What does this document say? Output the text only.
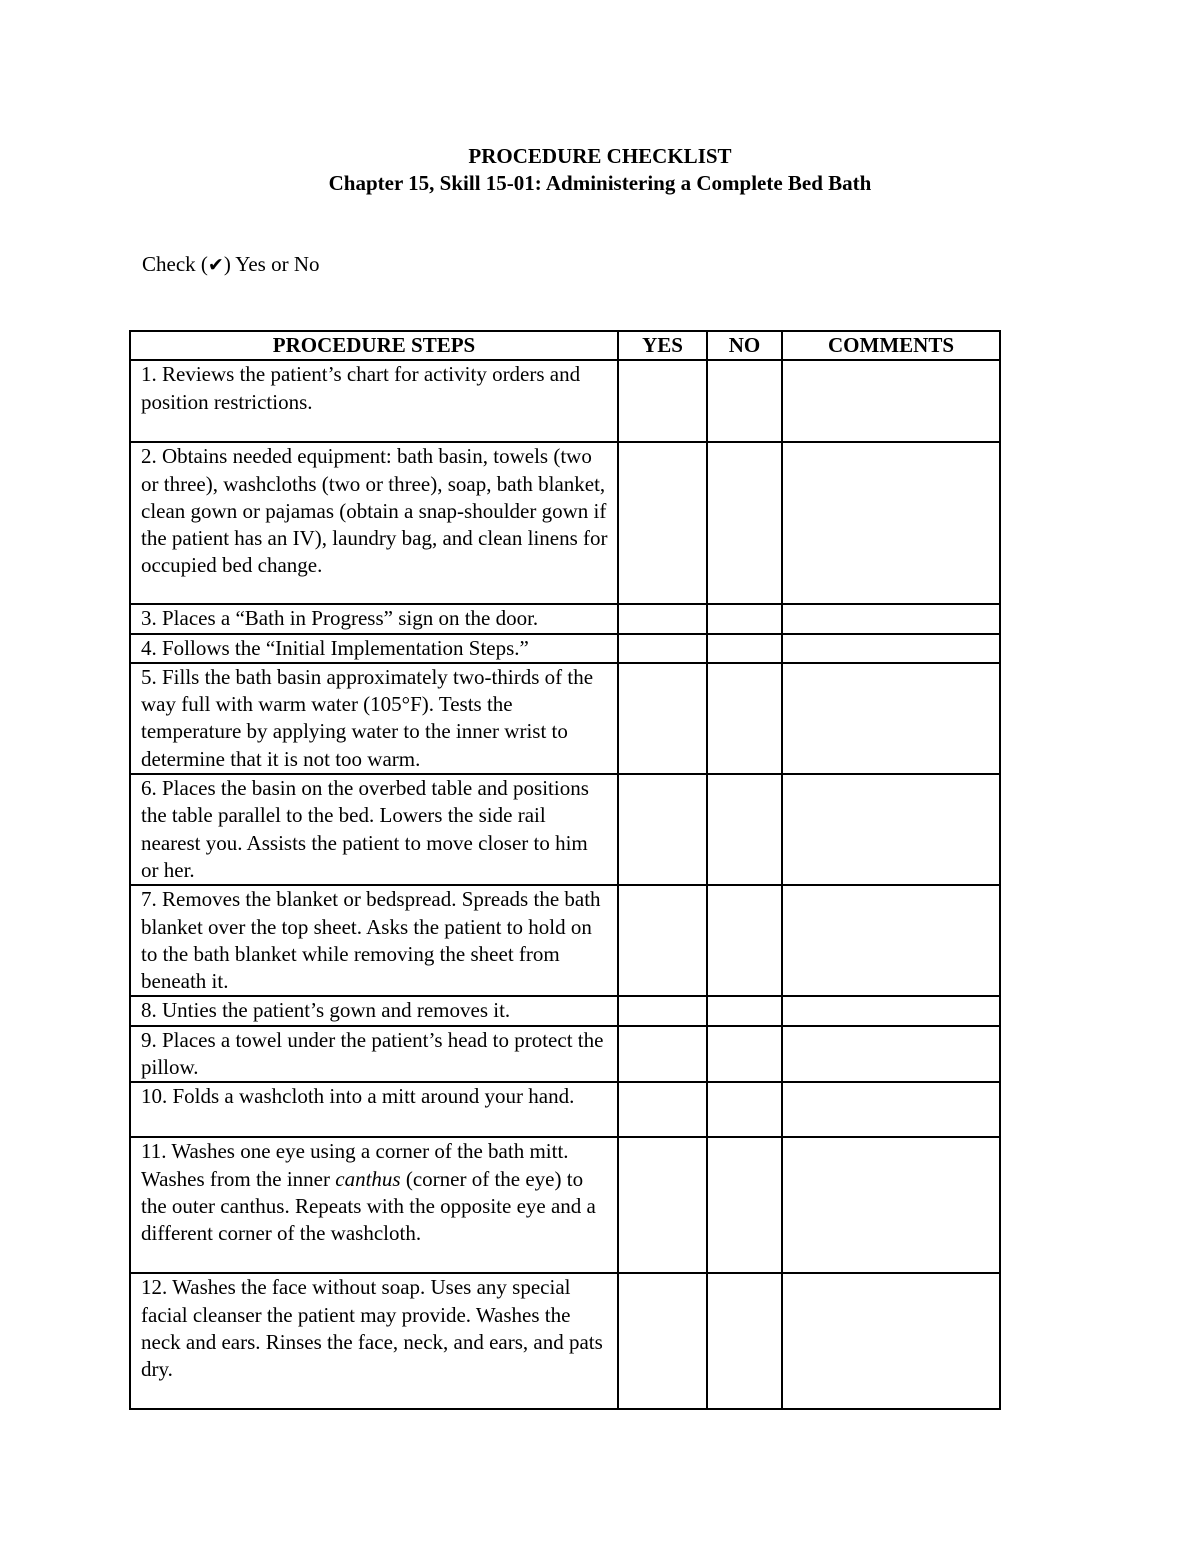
PROCEDURE CHECKLIST
Chapter 15, Skill 15-01: Administering a Complete Bed Bath
Check (✔) Yes or No
PROCEDURE STEPS	YES	NO	COMMENTS

1. Reviews the patient’s chart for activity orders and position restrictions.			

2. Obtains needed equipment: bath basin, towels (two or three), washcloths (two or three), soap, bath blanket, clean gown or pajamas (obtain a snap-shoulder gown if the patient has an IV), laundry bag, and clean linens for occupied bed change.			

3. Places a “Bath in Progress” sign on the door.			

4. Follows the “Initial Implementation Steps.”			

5. Fills the bath basin approximately two-thirds of the way full with warm water (105°F). Tests the temperature by applying water to the inner wrist to determine that it is not too warm.			

6. Places the basin on the overbed table and positions the table parallel to the bed. Lowers the side rail nearest you. Assists the patient to move closer to him or her.			

7. Removes the blanket or bedspread. Spreads the bath blanket over the top sheet. Asks the patient to hold on to the bath blanket while removing the sheet from beneath it.			

8. Unties the patient’s gown and removes it.			

9. Places a towel under the patient’s head to protect the pillow.			

10. Folds a washcloth into a mitt around your hand.			

11. Washes one eye using a corner of the bath mitt. Washes from the inner canthus (corner of the eye) to the outer canthus. Repeats with the opposite eye and a different corner of the washcloth.			

12. Washes the face without soap. Uses any special facial cleanser the patient may provide. Washes the neck and ears. Rinses the face, neck, and ears, and pats dry.			
